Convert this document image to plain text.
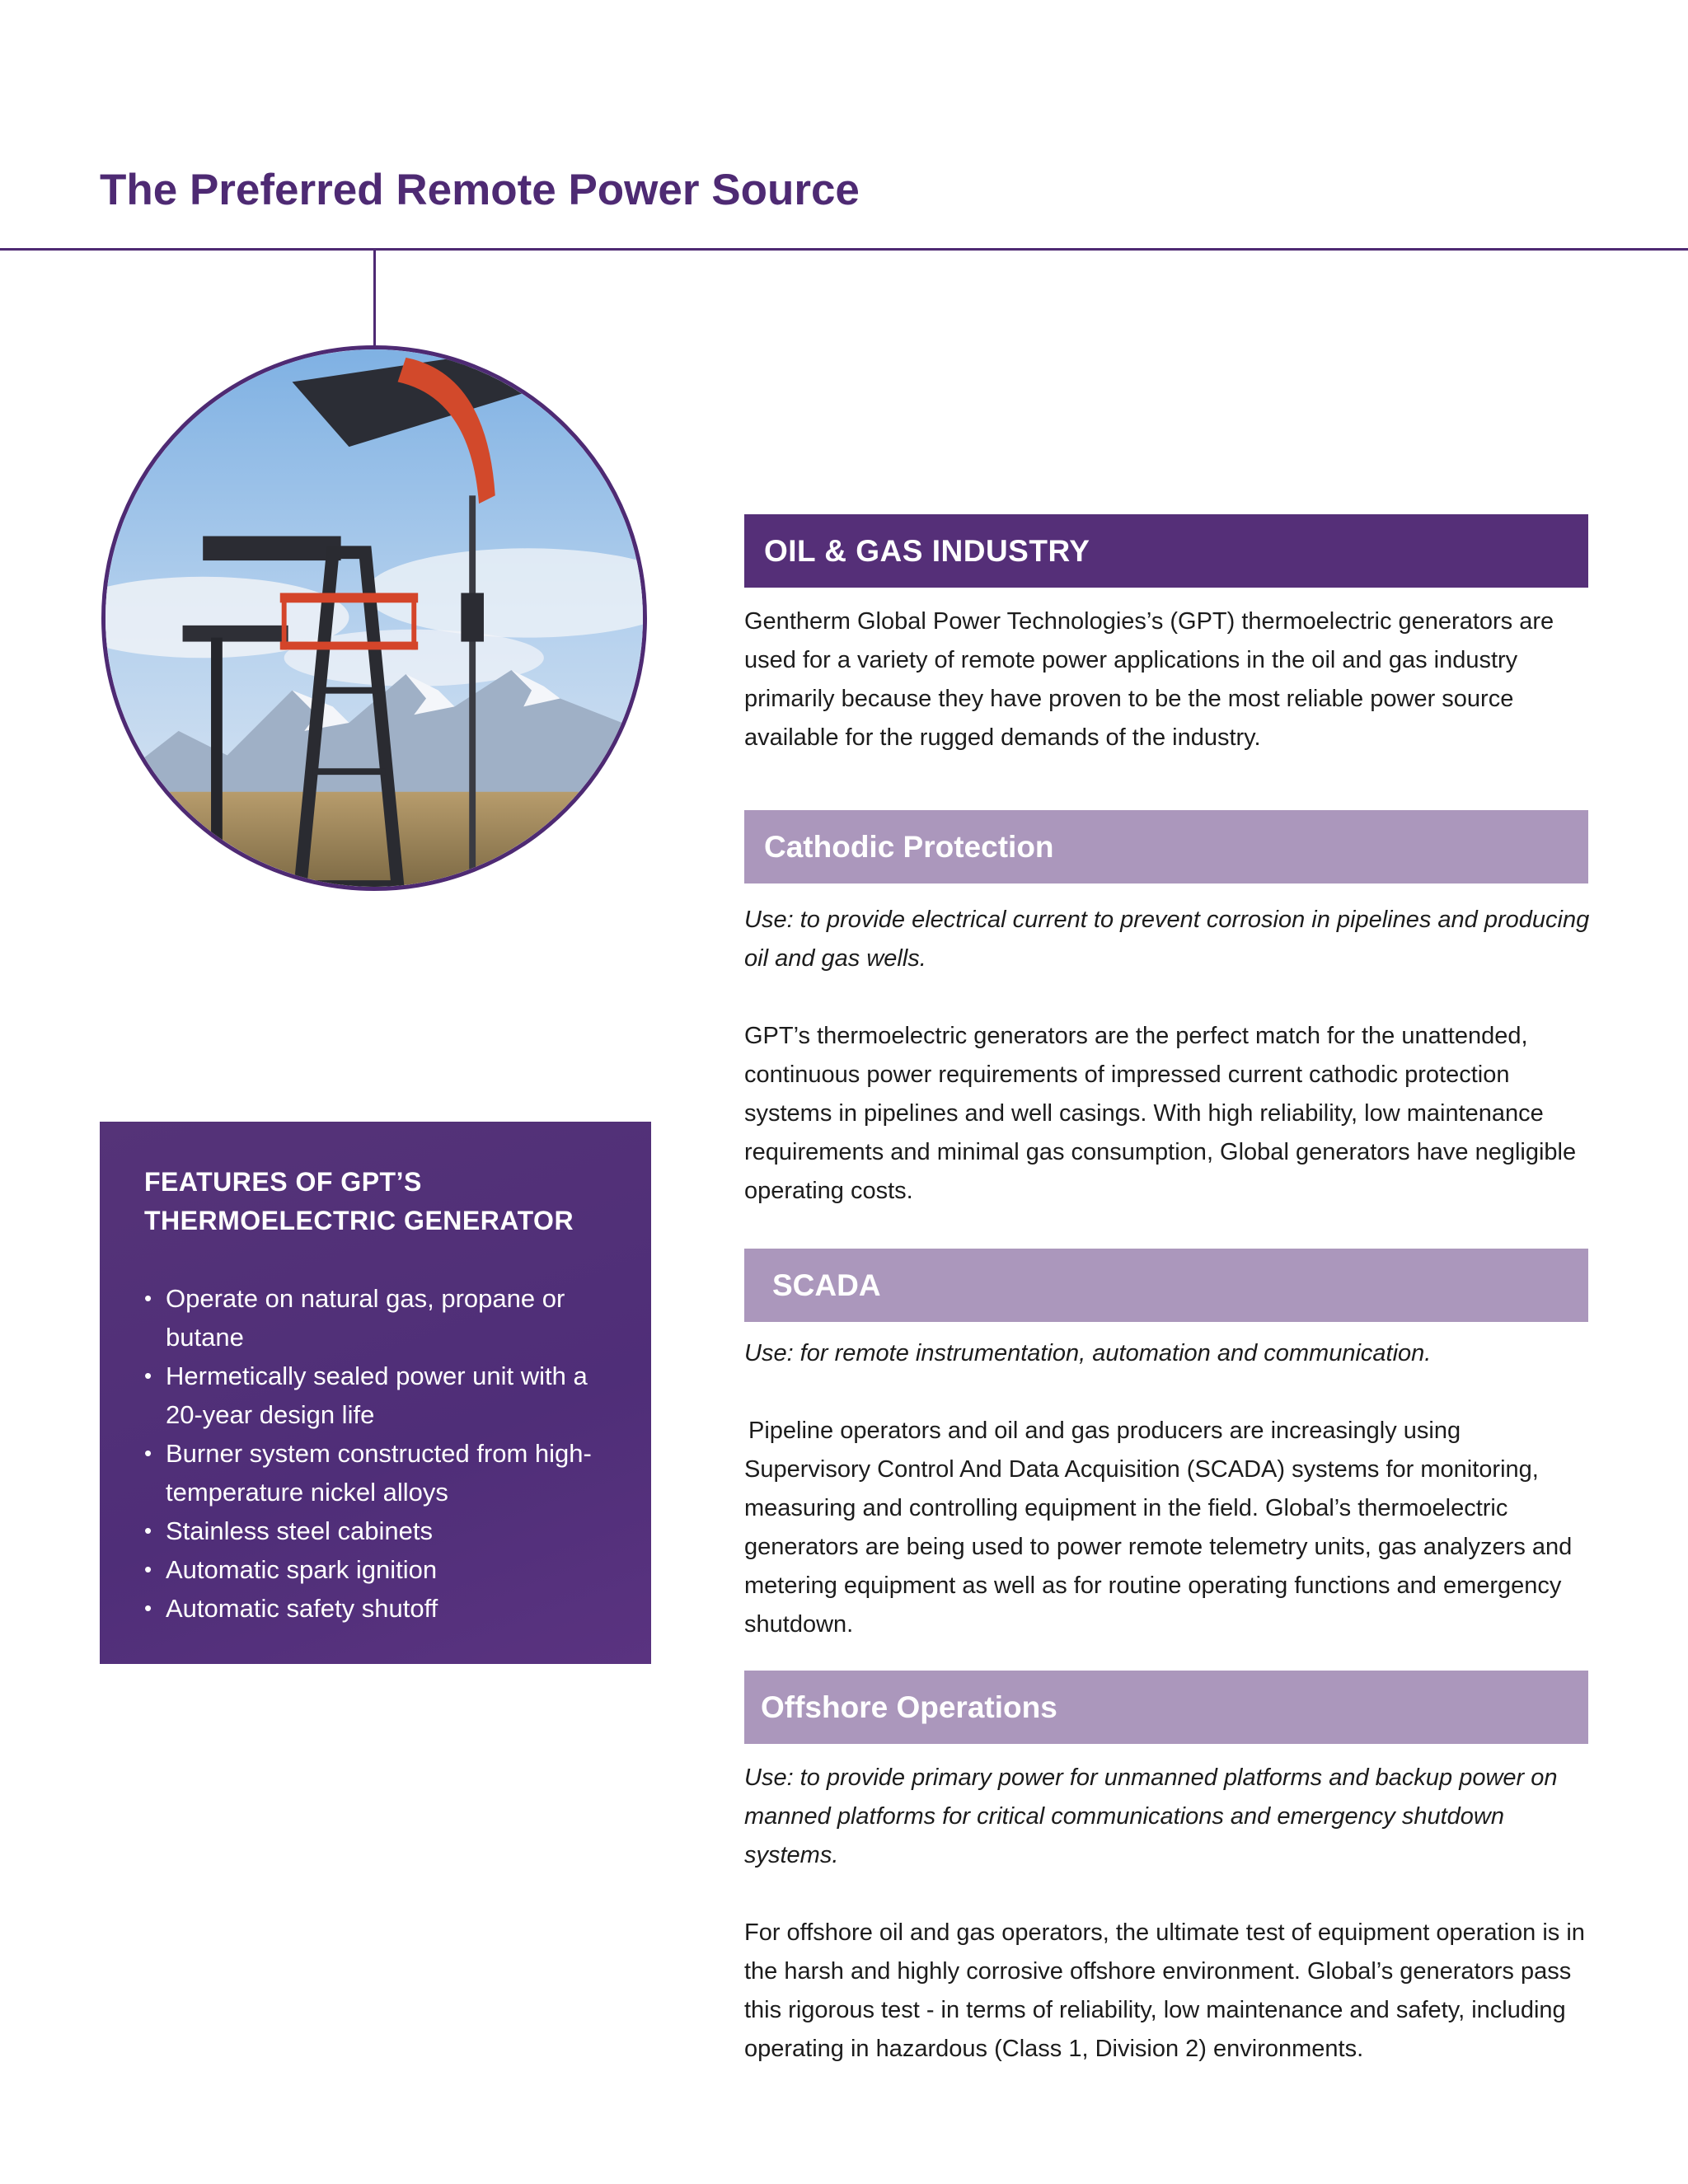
The Preferred Remote Power Source
FEATURES OF GPT’S THERMOELECTRIC GENERATOR
• Operate on natural gas, propane or butane
• Hermetically sealed power unit with a 20-year design life
• Burner system constructed from high-temperature nickel alloys
• Stainless steel cabinets
• Automatic spark ignition
• Automatic safety shutoff
OIL & GAS INDUSTRY

Gentherm Global Power Technologies’s (GPT) thermoelectric generators are used for a variety of remote power applications in the oil and gas industry primarily because they have proven to be the most reliable power source available for the rugged demands of the industry.

Cathodic Protection

Use: to provide electrical current to prevent corrosion in pipelines and producing oil and gas wells.

GPT’s thermoelectric generators are the perfect match for the unattended, continuous power requirements of impressed current cathodic protection systems in pipelines and well casings. With high reliability, low maintenance requirements and minimal gas consumption, Global generators have negligible operating costs.

SCADA

Use: for remote instrumentation, automation and communication.

Pipeline operators and oil and gas producers are increasingly using Supervisory Control And Data Acquisition (SCADA) systems for monitoring, measuring and controlling equipment in the field. Global’s thermoelectric generators are being used to power remote telemetry units, gas analyzers and metering equipment as well as for routine operating functions and emergency shutdown.

Offshore Operations

Use: to provide primary power for unmanned platforms and backup power on manned platforms for critical communications and emergency shutdown systems.

For offshore oil and gas operators, the ultimate test of equipment operation is in the harsh and highly corrosive offshore environment. Global’s generators pass this rigorous test - in terms of reliability, low maintenance and safety, including operating in hazardous (Class 1, Division 2) environments.
